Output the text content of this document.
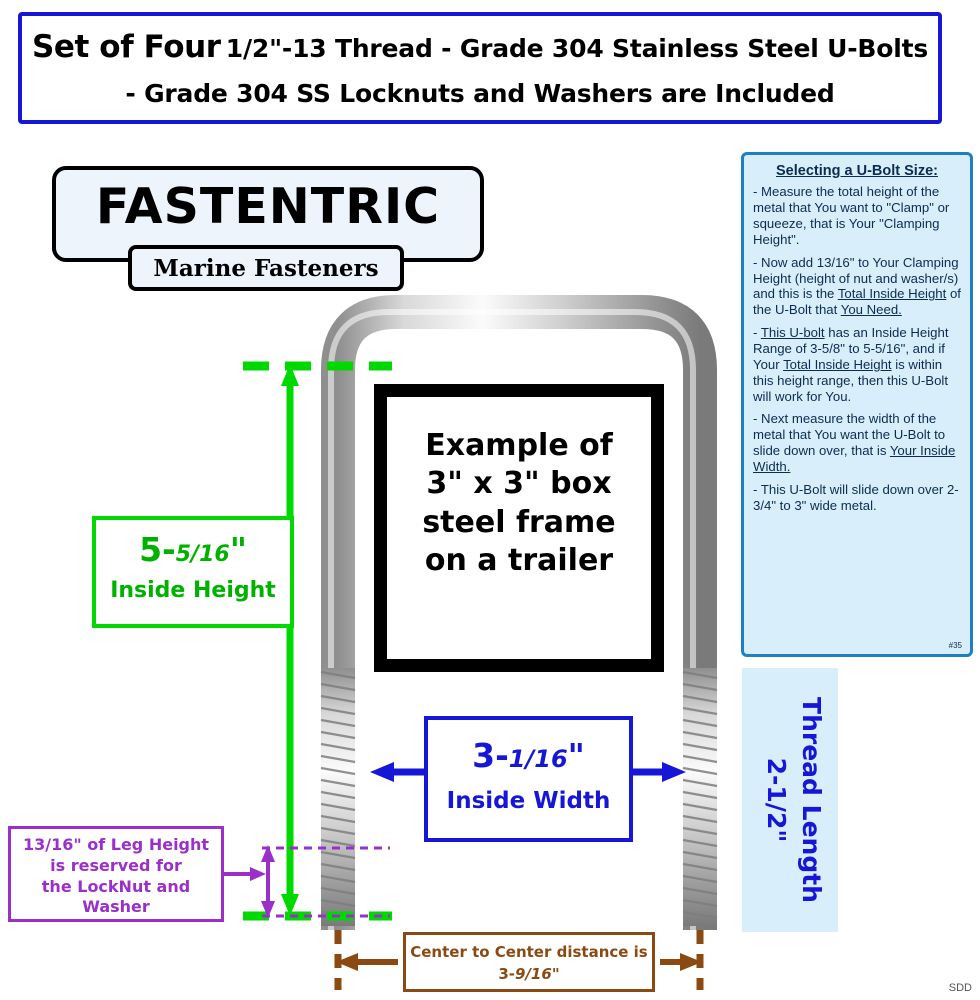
Set of Four 1/2"-13 Thread - Grade 304 Stainless Steel U-Bolts
- Grade 304 SS Locknuts and Washers are Included
FASTENTRIC
Marine Fasteners
Selecting a U-Bolt Size:

- Measure the total height of the metal that You want to "Clamp" or squeeze, that is Your "Clamping Height".

- Now add 13/16" to Your Clamping Height (height of nut and washer/s) and this is the Total Inside Height of the U-Bolt that You Need.

- This U-bolt has an Inside Height Range of 3-5/8" to 5-5/16", and if Your Total Inside Height is within this height range, then this U-Bolt will work for You.

- Next measure the width of the metal that You want the U-Bolt to slide down over, that is Your Inside Width.

- This U-Bolt will slide down over 2-3/4" to 3" wide metal.

#35
Example of
3" x 3" box
steel frame
on a trailer
5-5/16"
Inside Height
3-1/16"
Inside Width	Thread Length
2-1/2"
13/16" of Leg Height
is reserved for
the LockNut and
Washer
Center to Center distance is
3-9/16"
SDD
